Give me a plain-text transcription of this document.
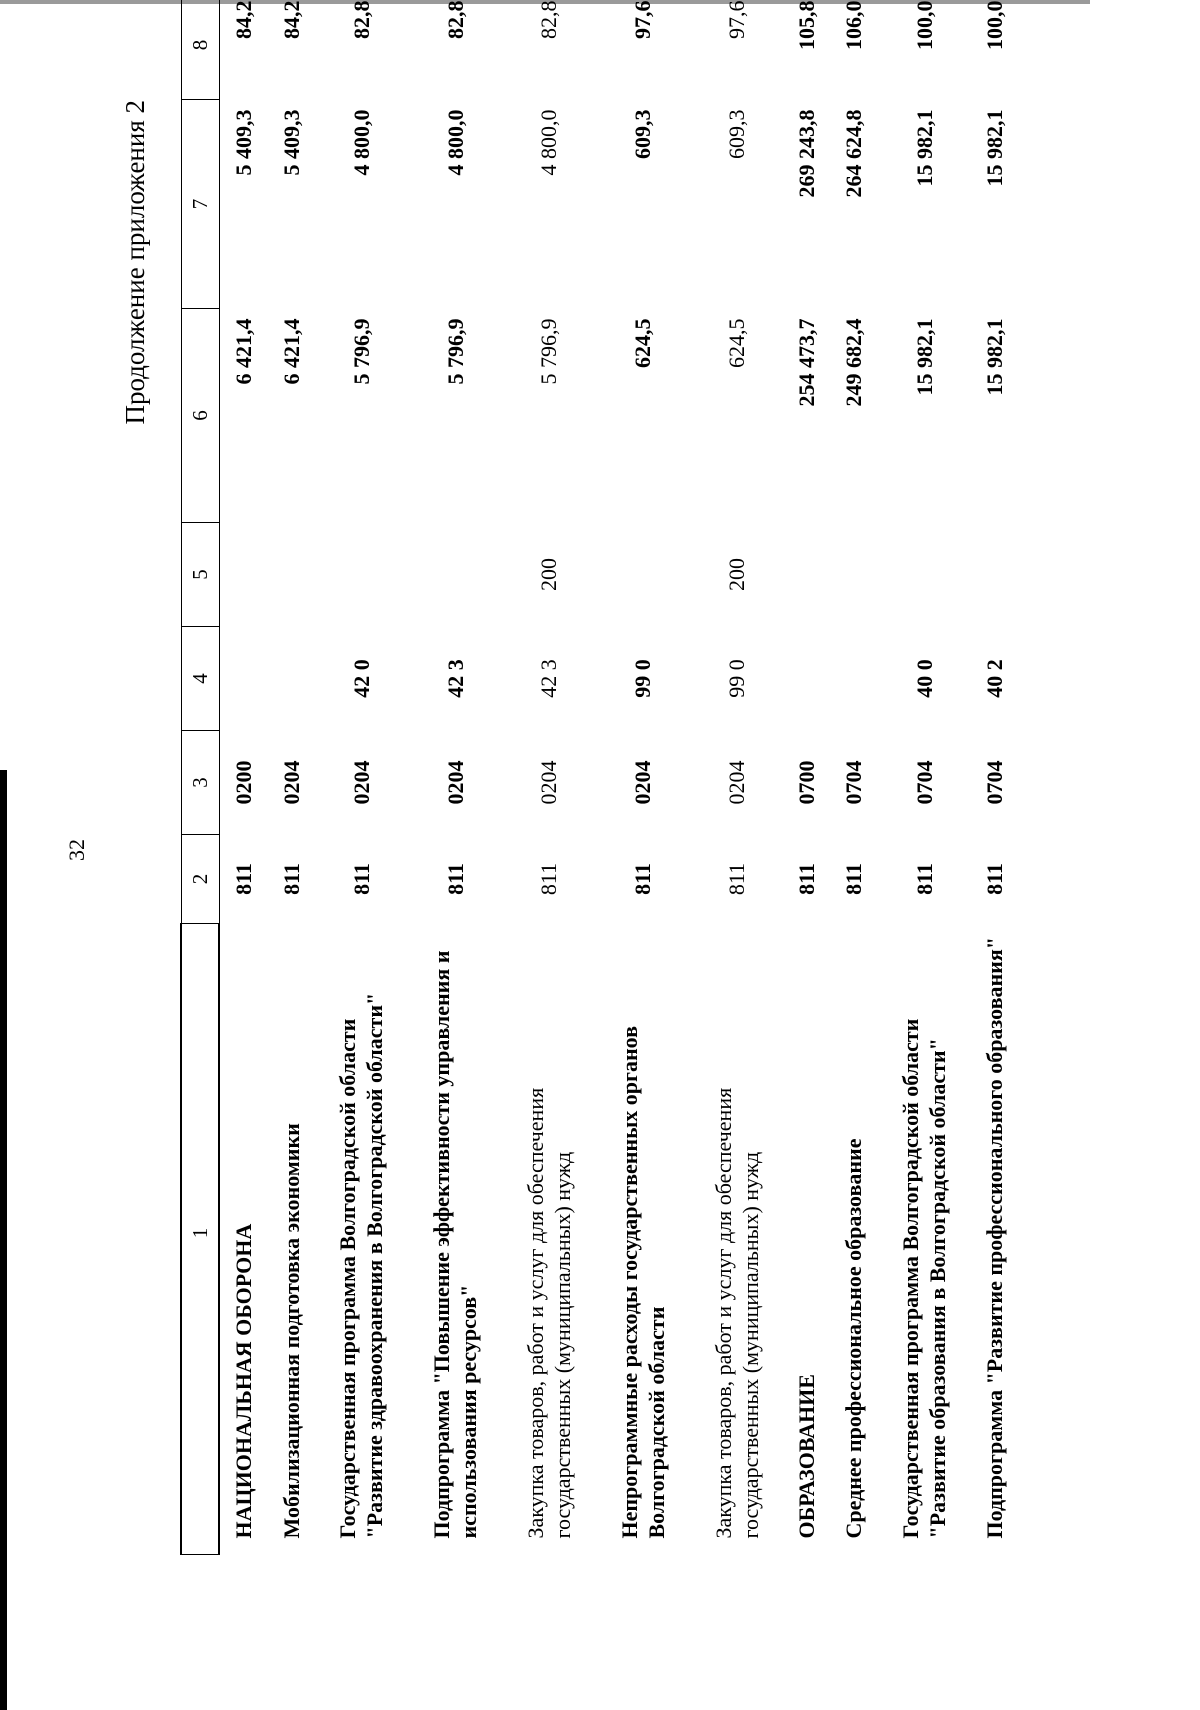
32
Продолжение приложения 2
1	2	3	4	5	6	7	8
НАЦИОНАЛЬНАЯ ОБОРОНА	811	0200			6 421,4	5 409,3	84,2
Мобилизационная подготовка экономики	811	0204			6 421,4	5 409,3	84,2
Государственная программа Волгоградской области "Развитие здравоохранения в Волгоградской области"	811	0204	42 0		5 796,9	4 800,0	82,8
Подпрограмма "Повышение эффективности управления и использования ресурсов"	811	0204	42 3		5 796,9	4 800,0	82,8
Закупка товаров, работ и услуг для обеспечения государственных (муниципальных) нужд	811	0204	42 3	200	5 796,9	4 800,0	82,8
Непрограммные расходы государственных органов Волгоградской области	811	0204	99 0		624,5	609,3	97,6
Закупка товаров, работ и услуг для обеспечения государственных (муниципальных) нужд	811	0204	99 0	200	624,5	609,3	97,6
ОБРАЗОВАНИЕ	811	0700			254 473,7	269 243,8	105,8
Среднее профессиональное образование	811	0704			249 682,4	264 624,8	106,0
Государственная программа Волгоградской области "Развитие образования в Волгоградской области"	811	0704	40 0		15 982,1	15 982,1	100,0
Подпрограмма "Развитие профессионального образования"	811	0704	40 2		15 982,1	15 982,1	100,0
